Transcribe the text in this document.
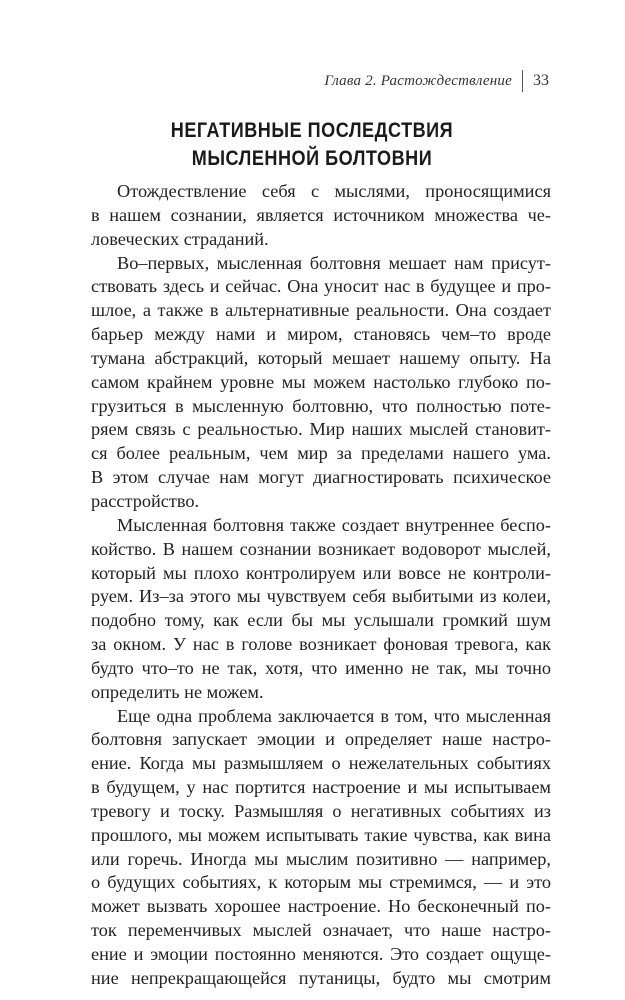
Глава 2. Растождествление 33
НЕГАТИВНЫЕ ПОСЛЕДСТВИЯ
МЫСЛЕННОЙ БОЛТОВНИ
Отождествление себя с мыслями, проносящимися
в нашем сознании, является источником множества че-
ловеческих страданий.
Во–первых, мысленная болтовня мешает нам присут-
ствовать здесь и сейчас. Она уносит нас в будущее и про-
шлое, а также в альтернативные реальности. Она создает
барьер между нами и миром, становясь чем–то вроде
тумана абстракций, который мешает нашему опыту. На
самом крайнем уровне мы можем настолько глубоко по-
грузиться в мысленную болтовню, что полностью поте-
ряем связь с реальностью. Мир наших мыслей становит-
ся более реальным, чем мир за пределами нашего ума.
В этом случае нам могут диагностировать психическое
расстройство.
Мысленная болтовня также создает внутреннее беспо-
койство. В нашем сознании возникает водоворот мыслей,
который мы плохо контролируем или вовсе не контроли-
руем. Из–за этого мы чувствуем себя выбитыми из колеи,
подобно тому, как если бы мы услышали громкий шум
за окном. У нас в голове возникает фоновая тревога, как
будто что–то не так, хотя, что именно не так, мы точно
определить не можем.
Еще одна проблема заключается в том, что мысленная
болтовня запускает эмоции и определяет наше настро-
ение. Когда мы размышляем о нежелательных событиях
в будущем, у нас портится настроение и мы испытываем
тревогу и тоску. Размышляя о негативных событиях из
прошлого, мы можем испытывать такие чувства, как вина
или горечь. Иногда мы мыслим позитивно — например,
о будущих событиях, к которым мы стремимся, — и это
может вызвать хорошее настроение. Но бесконечный по-
ток переменчивых мыслей означает, что наше настро-
ение и эмоции постоянно меняются. Это создает ощуще-
ние непрекращающейся путаницы, будто мы смотрим
